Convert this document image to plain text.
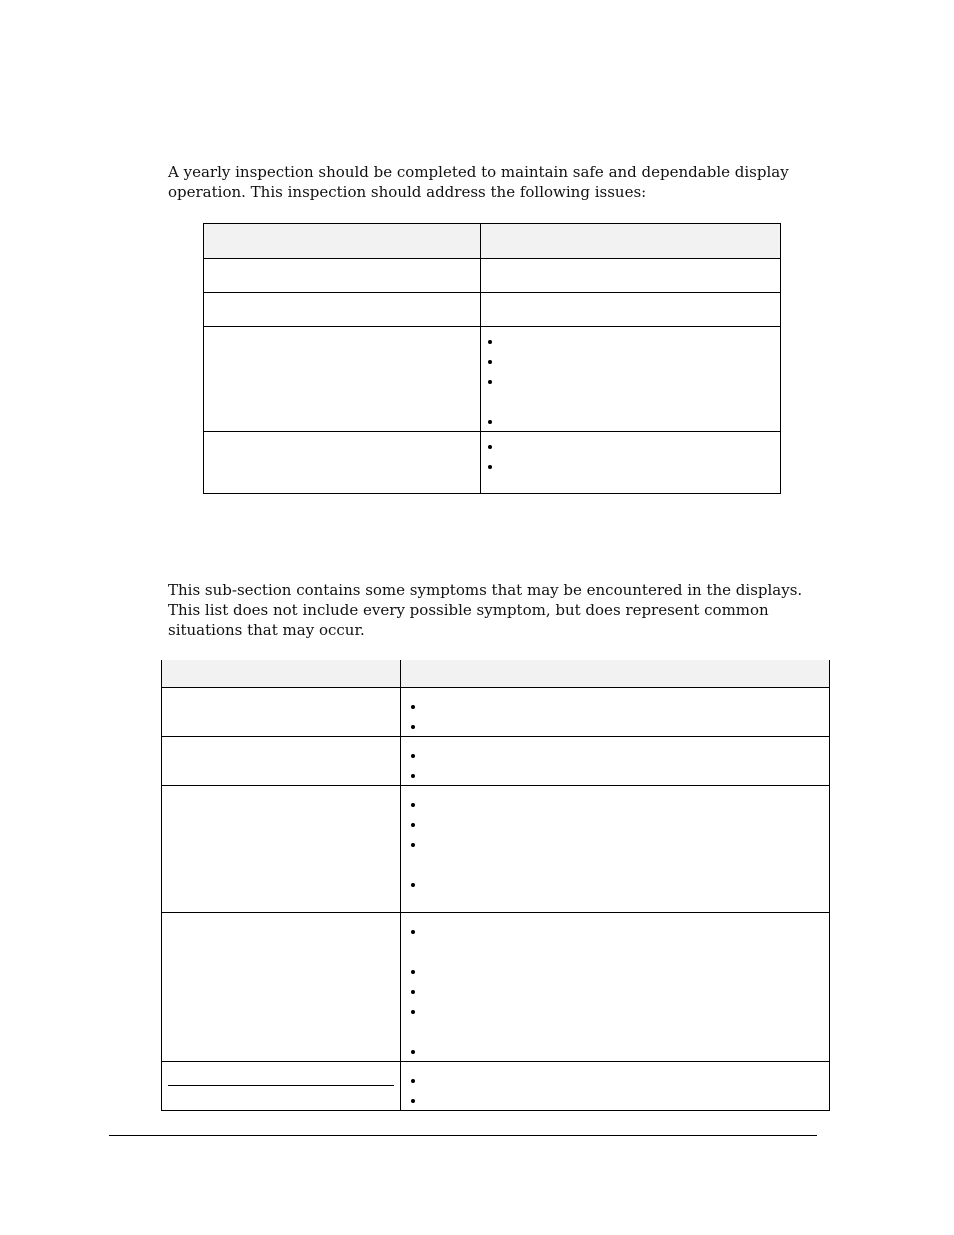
A yearly inspection should be completed to maintain safe and dependable display operation. This inspection should address the following issues:

This sub-section contains some symptoms that may be encountered in the displays. This list does not include every possible symptom, but does represent common situations that may occur.
